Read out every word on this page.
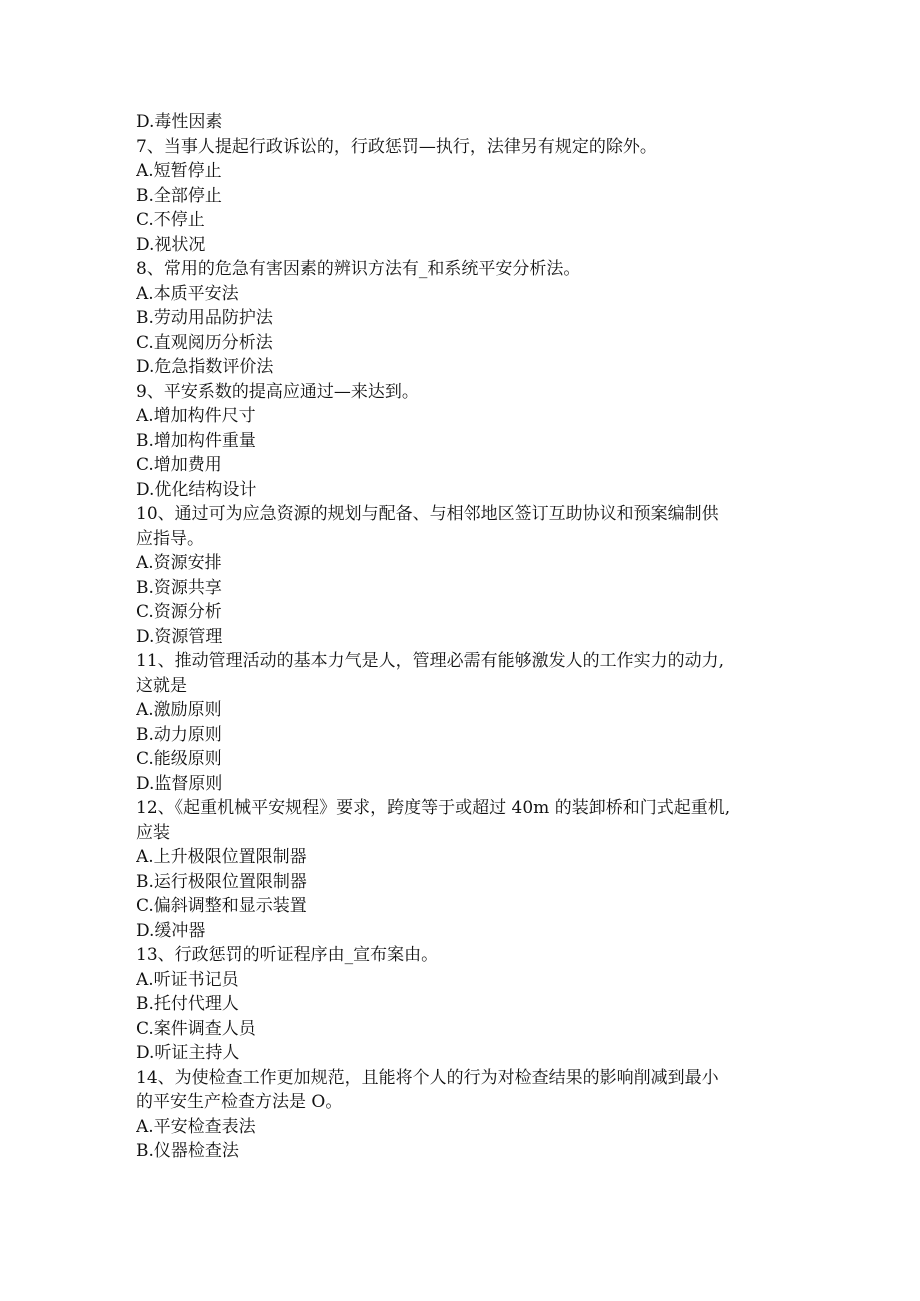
D.毒性因素
7、当事人提起行政诉讼的，行政惩罚—执行，法律另有规定的除外。
A.短暂停止
B.全部停止
C.不停止
D.视状况
8、常用的危急有害因素的辨识方法有_和系统平安分析法。
A.本质平安法
B.劳动用品防护法
C.直观阅历分析法
D.危急指数评价法
9、平安系数的提高应通过—来达到。
A.增加构件尺寸
B.增加构件重量
C.增加费用
D.优化结构设计
10、通过可为应急资源的规划与配备、与相邻地区签订互助协议和预案编制供
应指导。
A.资源安排
B.资源共享
C.资源分析
D.资源管理
11、推动管理活动的基本力气是人，管理必需有能够激发人的工作实力的动力,
这就是
A.激励原则
B.动力原则
C.能级原则
D.监督原则
12、《起重机械平安规程》要求，跨度等于或超过 40m 的装卸桥和门式起重机,
应装
A.上升极限位置限制器
B.运行极限位置限制器
C.偏斜调整和显示装置
D.缓冲器
13、行政惩罚的听证程序由_宣布案由。
A.听证书记员
B.托付代理人
C.案件调查人员
D.听证主持人
14、为使检查工作更加规范，且能将个人的行为对检查结果的影响削减到最小
的平安生产检查方法是 O。
A.平安检查表法
B.仪器检查法
